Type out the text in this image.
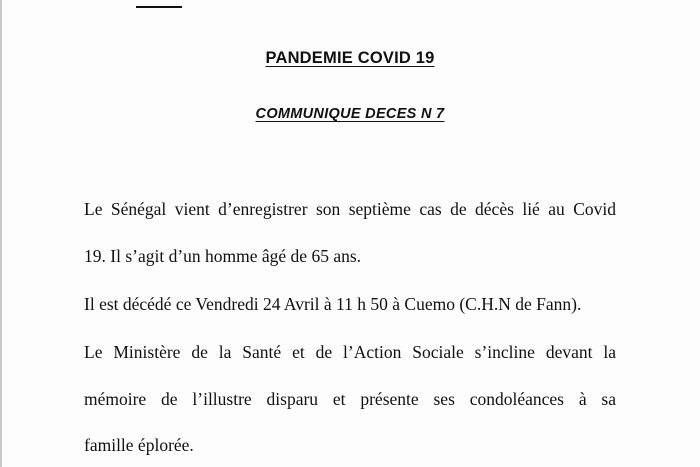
PANDEMIE COVID 19
COMMUNIQUE DECES N 7
Le Sénégal vient d’enregistrer son septième cas de décès lié au Covid
19. Il s’agit d’un homme âgé de 65 ans.
Il est décédé ce Vendredi 24 Avril à 11 h 50 à Cuemo (C.H.N de Fann).
Le Ministère de la Santé et de l’Action Sociale s’incline devant la
mémoire de l’illustre disparu et présente ses condoléances à sa
famille éplorée.
